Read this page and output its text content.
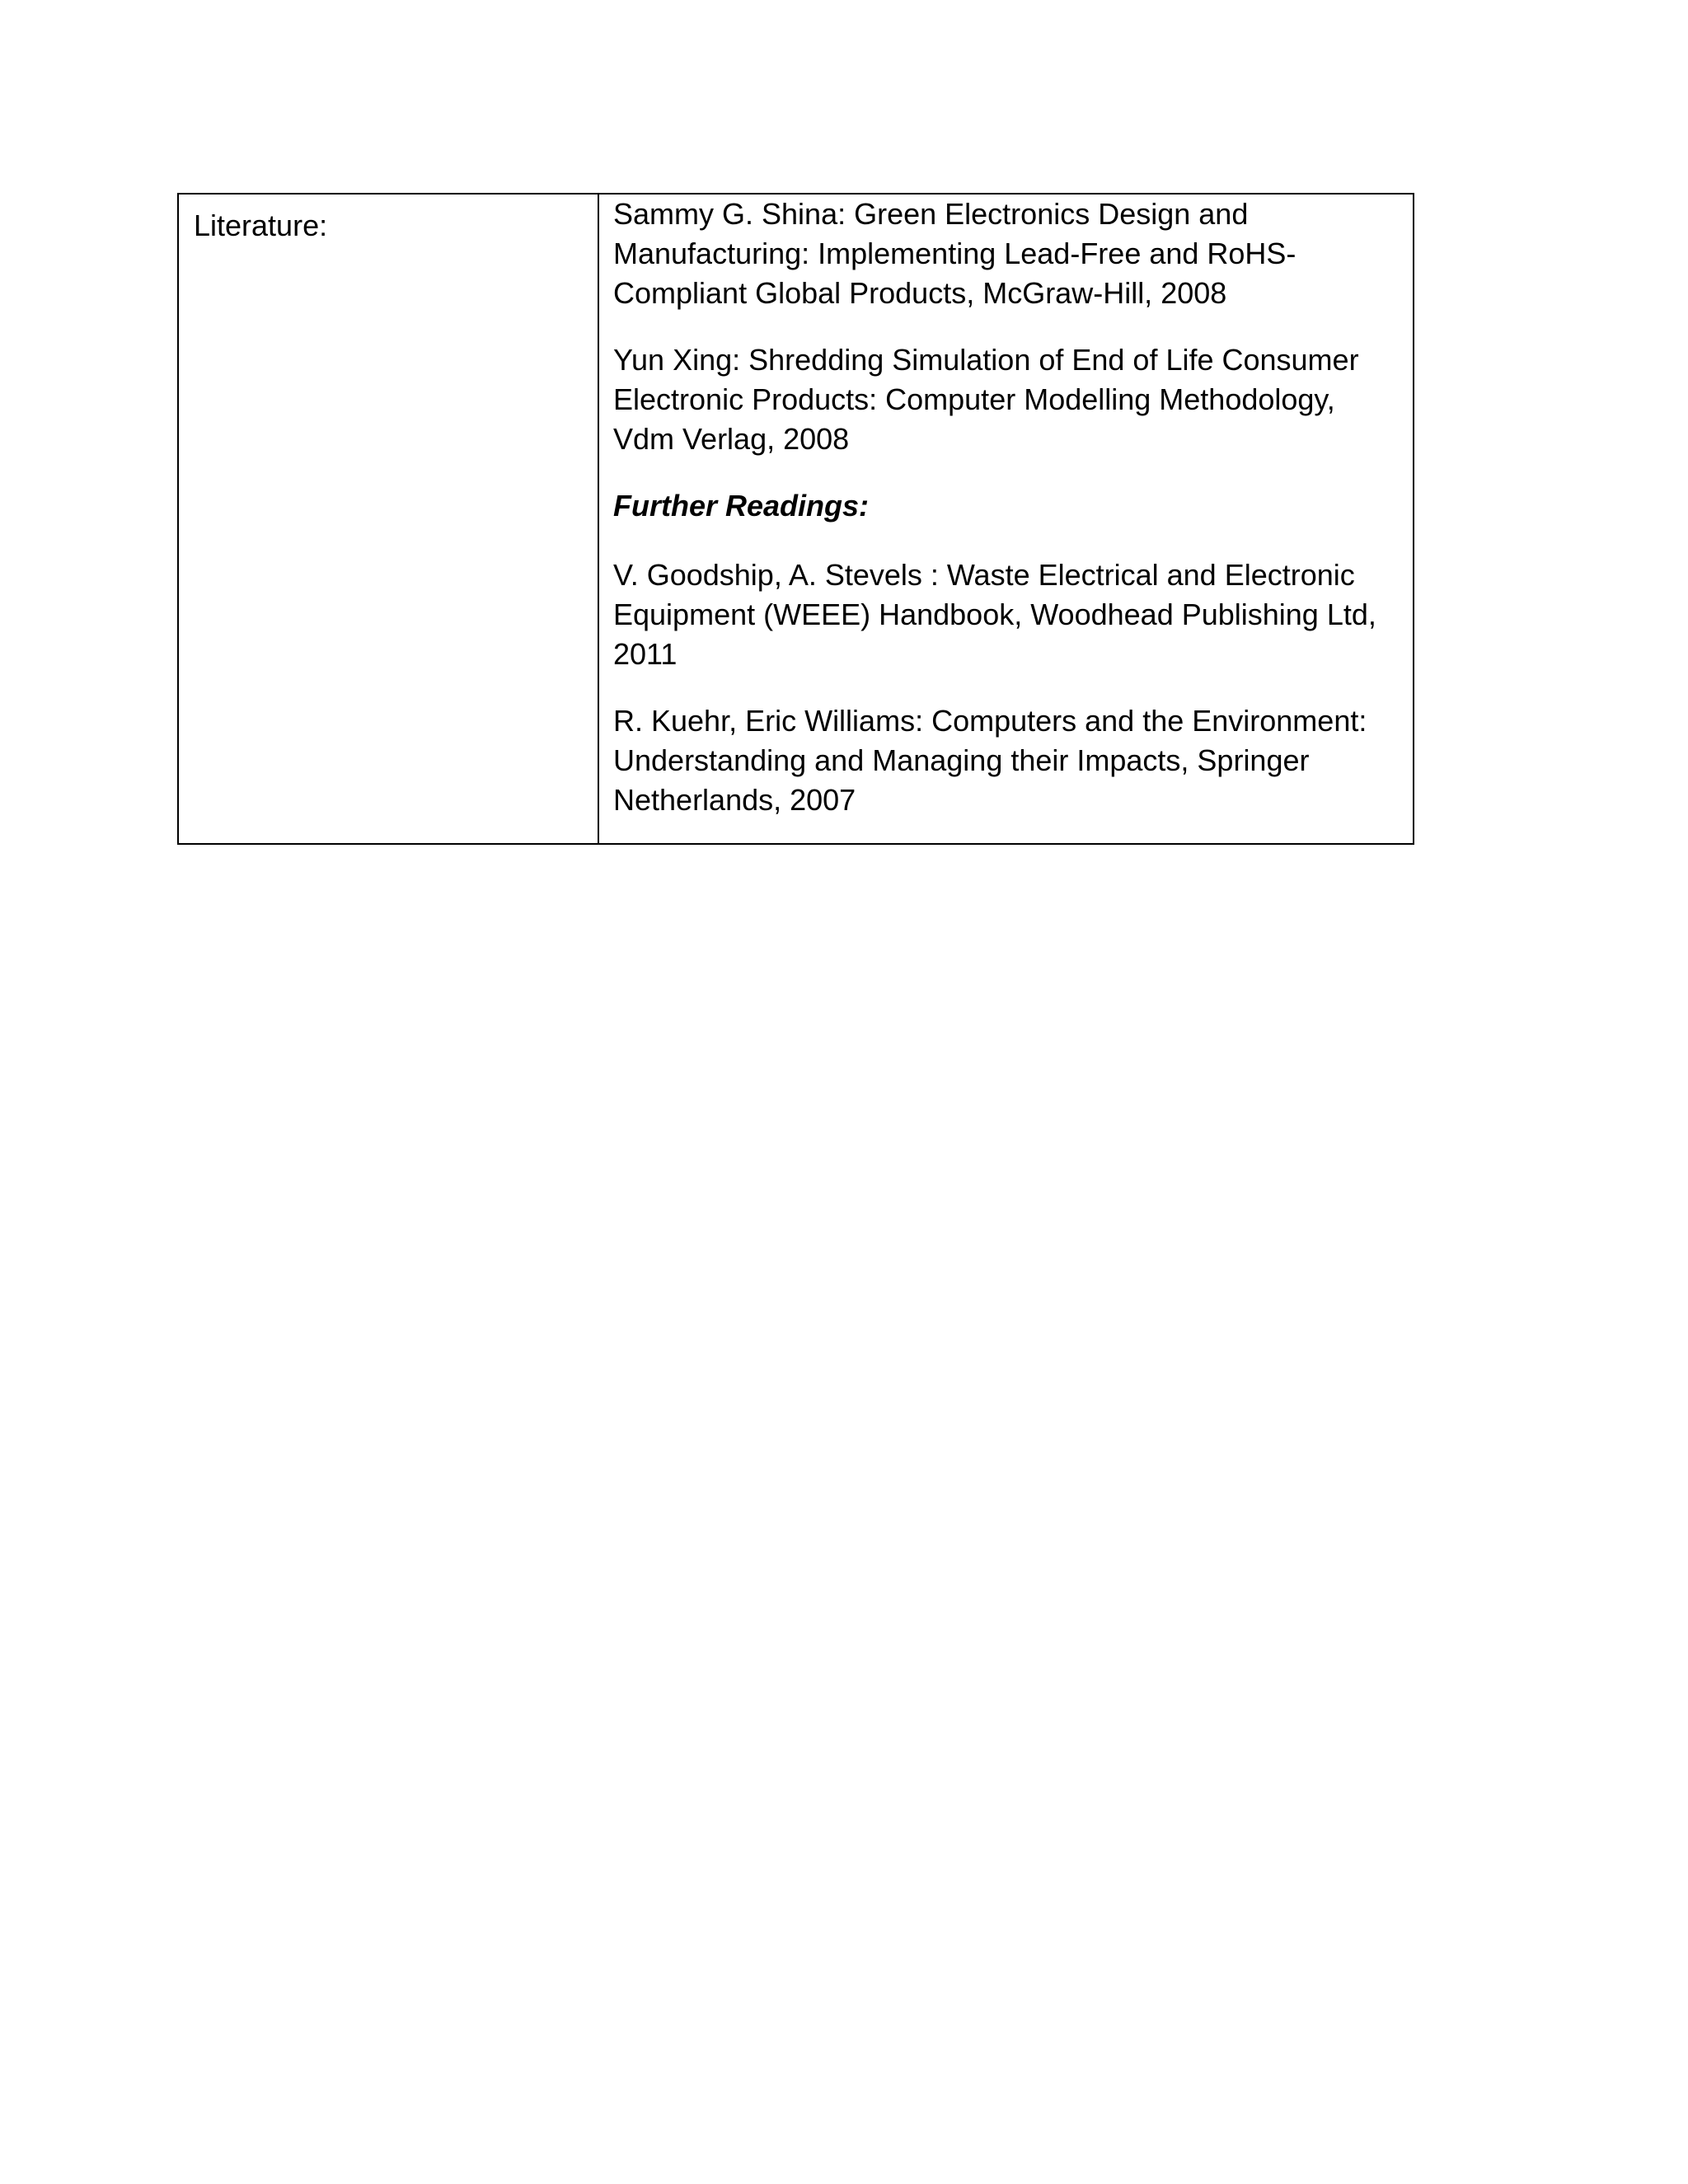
Literature:	Sammy G. Shina: Green Electronics Design and Manufacturing: Implementing Lead-Free and RoHS-Compliant Global Products, McGraw-Hill, 2008

Yun Xing: Shredding Simulation of End of Life Consumer Electronic Products: Computer Modelling Methodology, Vdm Verlag, 2008

Further Readings:

V. Goodship, A. Stevels : Waste Electrical and Electronic Equipment (WEEE) Handbook, Woodhead Publishing Ltd, 2011

R. Kuehr, Eric Williams: Computers and the Environment: Understanding and Managing their Impacts, Springer Netherlands, 2007
